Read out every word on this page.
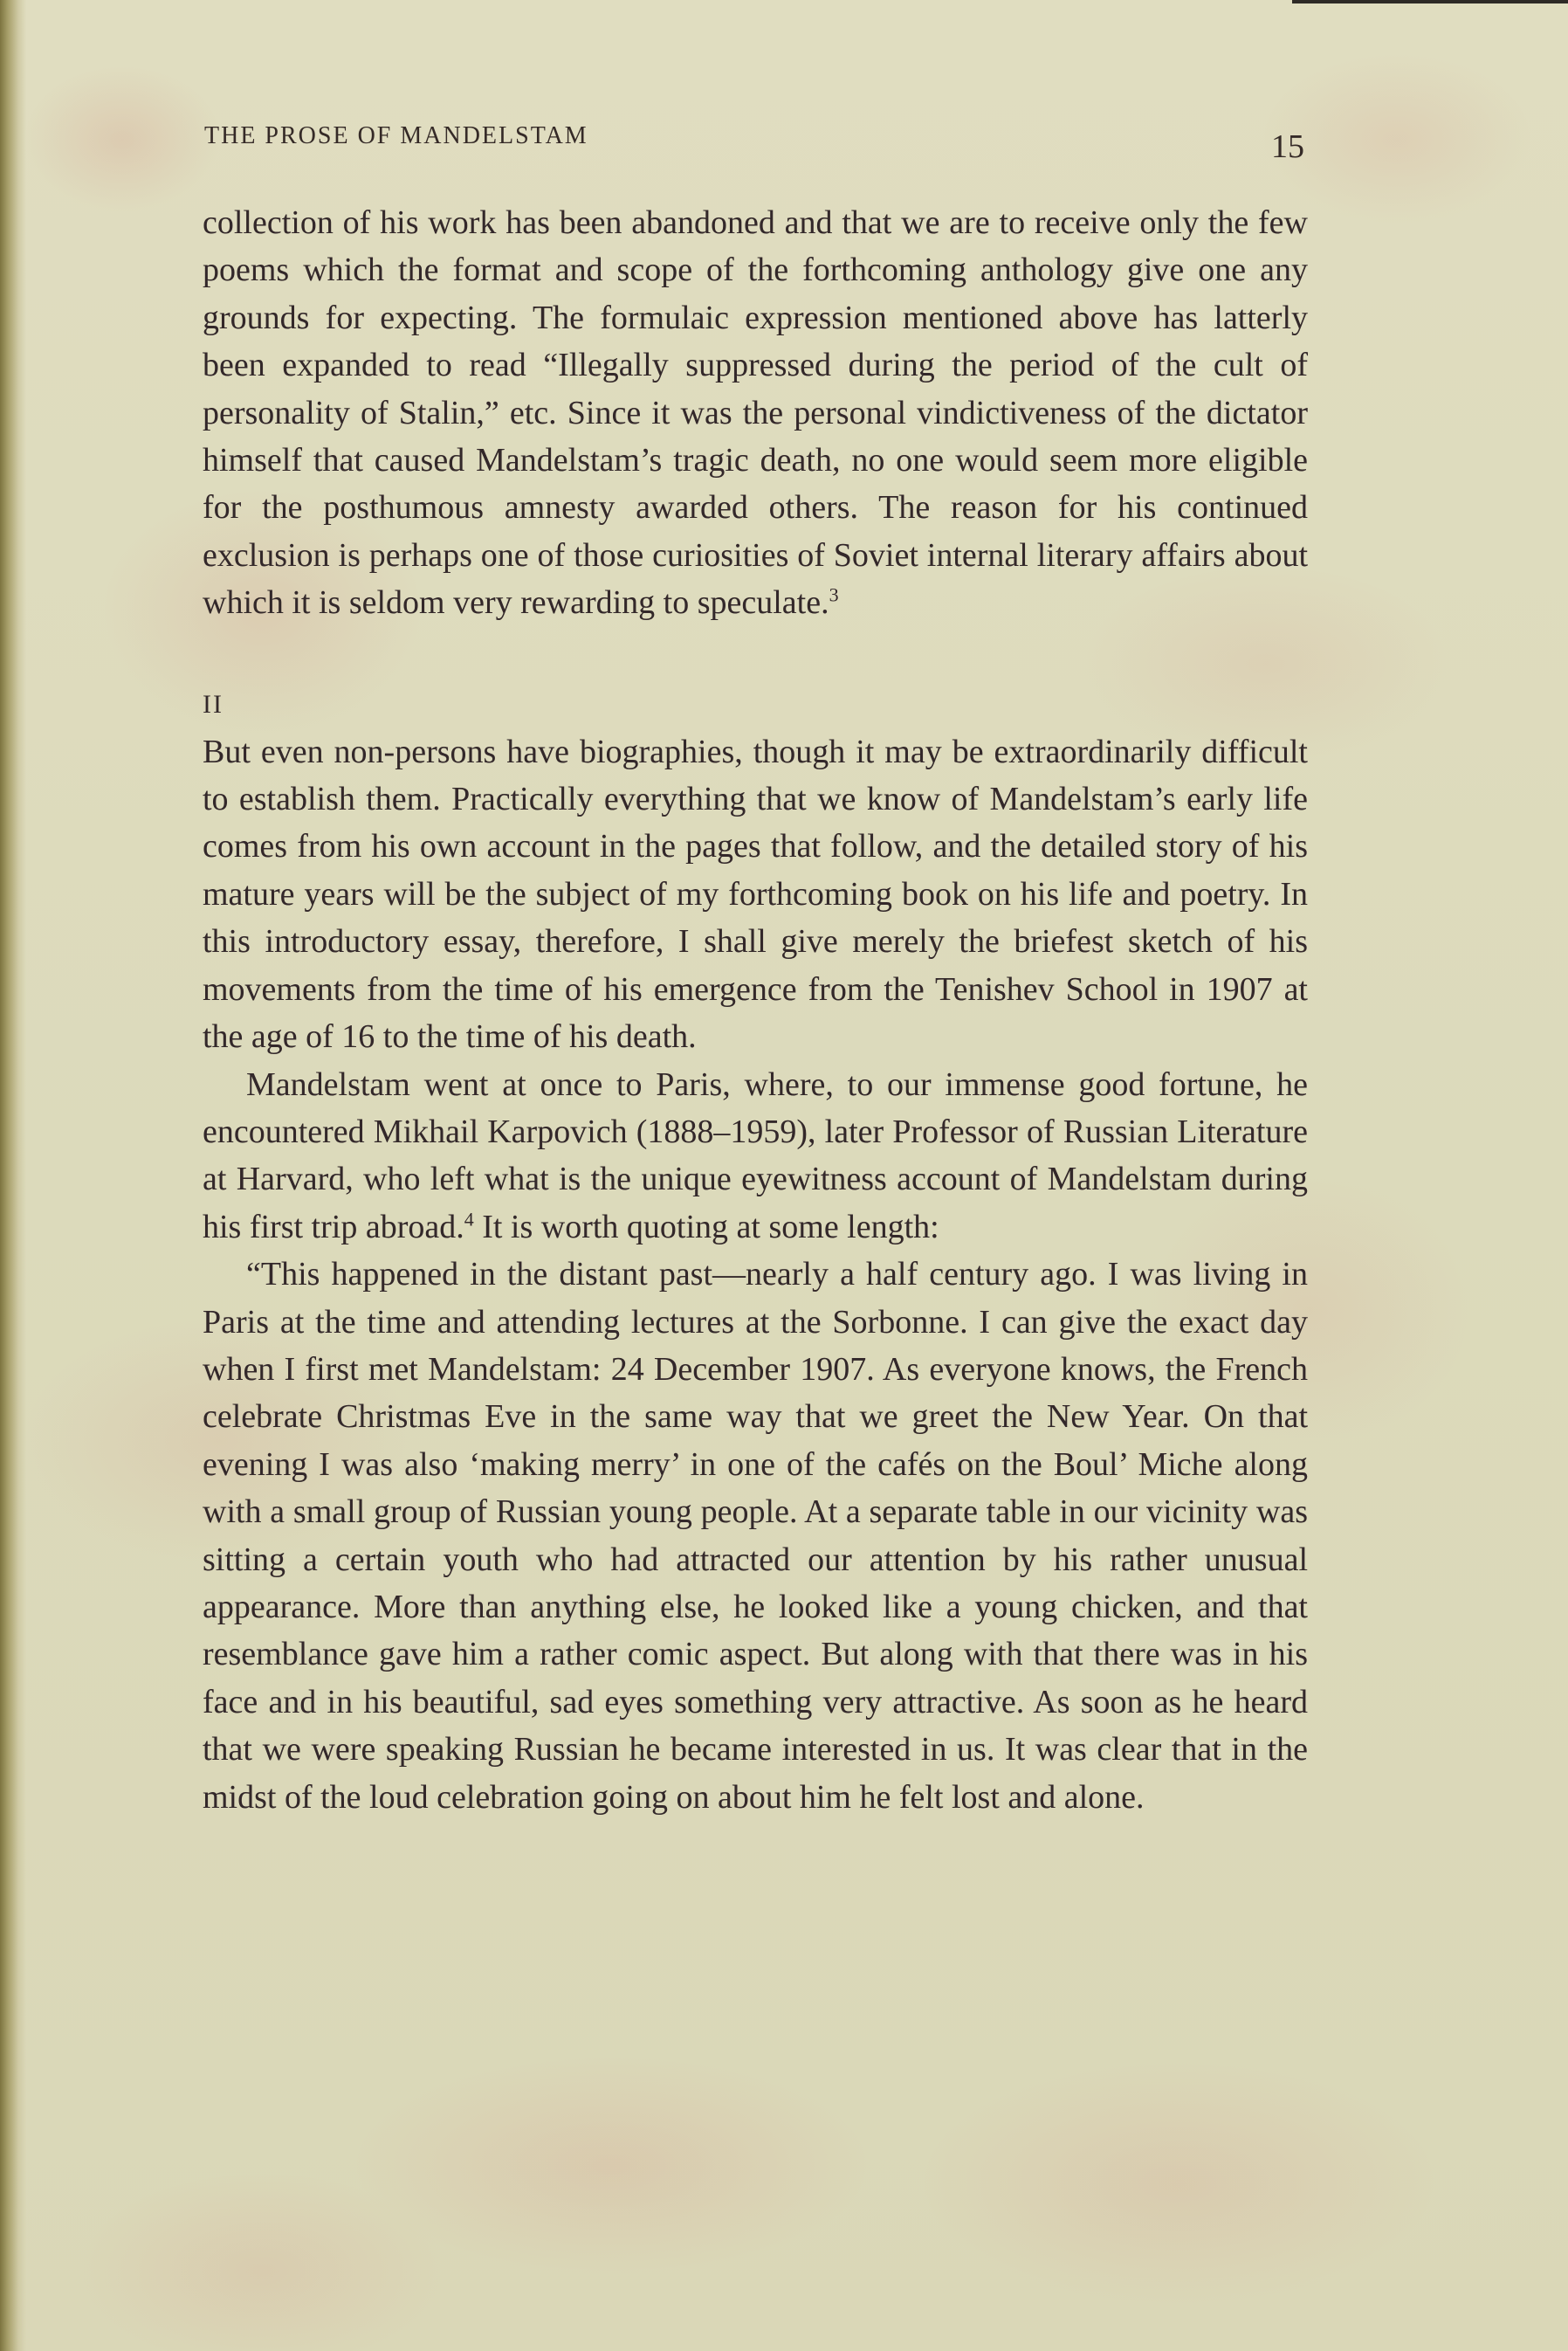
THE PROSE OF MANDELSTAM	15

collection of his work has been abandoned and that we are to receive only the few poems which the format and scope of the forthcoming anthology give one any grounds for expecting. The formulaic expression mentioned above has latterly been expanded to read “Illegally suppressed during the period of the cult of personality of Stalin,” etc. Since it was the personal vindictiveness of the dictator himself that caused Mandelstam’s tragic death, no one would seem more eligible for the posthumous amnesty awarded others. The reason for his continued exclusion is perhaps one of those curiosities of Soviet internal literary affairs about which it is seldom very rewarding to speculate.$^3$

II

But even non-persons have biographies, though it may be extraordinarily difficult to establish them. Practically everything that we know of Mandelstam’s early life comes from his own account in the pages that follow, and the detailed story of his mature years will be the subject of my forthcoming book on his life and poetry. In this introductory essay, therefore, I shall give merely the briefest sketch of his movements from the time of his emergence from the Tenishev School in 1907 at the age of 16 to the time of his death.

Mandelstam went at once to Paris, where, to our immense good fortune, he encountered Mikhail Karpovich (1888–1959), later Professor of Russian Literature at Harvard, who left what is the unique eyewitness account of Mandelstam during his first trip abroad.$^4$ It is worth quoting at some length:

“This happened in the distant past—nearly a half century ago. I was living in Paris at the time and attending lectures at the Sorbonne. I can give the exact day when I first met Mandelstam: 24 December 1907. As everyone knows, the French celebrate Christmas Eve in the same way that we greet the New Year. On that evening I was also ‘making merry’ in one of the cafés on the Boul’ Miche along with a small group of Russian young people. At a separate table in our vicinity was sitting a certain youth who had attracted our attention by his rather unusual appearance. More than anything else, he looked like a young chicken, and that resemblance gave him a rather comic aspect. But along with that there was in his face and in his beautiful, sad eyes something very attractive. As soon as he heard that we were speaking Russian he became interested in us. It was clear that in the midst of the loud celebration going on about him he felt lost and alone.
